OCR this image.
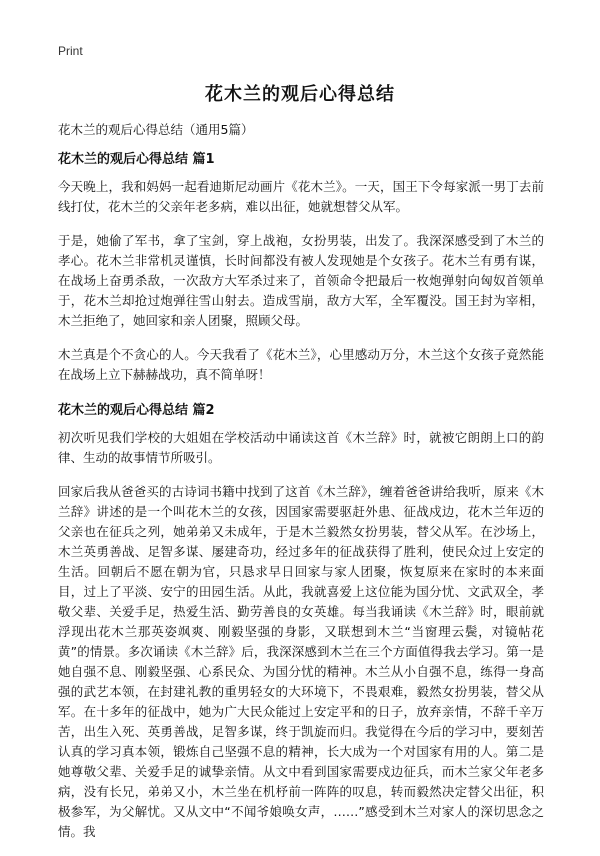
Print
花木兰的观后心得总结

花木兰的观后心得总结（通用5篇）

花木兰的观后心得总结 篇1

今天晚上，我和妈妈一起看迪斯尼动画片《花木兰》。一天，国王下令每家派一男丁去前线打仗，花木兰的父亲年老多病，难以出征，她就想替父从军。

于是，她偷了军书，拿了宝剑，穿上战袍，女扮男装，出发了。我深深感受到了木兰的孝心。花木兰非常机灵谨慎，长时间都没有被人发现她是个女孩子。花木兰有勇有谋，在战场上奋勇杀敌，一次敌方大军杀过来了，首领命令把最后一枚炮弹射向匈奴首领单于，花木兰却抢过炮弹往雪山射去。造成雪崩，敌方大军，全军覆没。国王封为宰相，木兰拒绝了，她回家和亲人团聚，照顾父母。

木兰真是个不贪心的人。今天我看了《花木兰》，心里感动万分，木兰这个女孩子竟然能在战场上立下赫赫战功，真不简单呀！

花木兰的观后心得总结 篇2

初次听见我们学校的大姐姐在学校活动中诵读这首《木兰辞》时，就被它朗朗上口的韵律、生动的故事情节所吸引。

回家后我从爸爸买的古诗词书籍中找到了这首《木兰辞》，缠着爸爸讲给我听，原来《木兰辞》讲述的是一个叫花木兰的女孩，因国家需要驱赶外患、征战戍边，花木兰年迈的父亲也在征兵之列，她弟弟又未成年，于是木兰毅然女扮男装，替父从军。在沙场上，木兰英勇善战、足智多谋、屡建奇功，经过多年的征战获得了胜利，使民众过上安定的生活。回朝后不愿在朝为官，只恳求早日回家与家人团聚，恢复原来在家时的本来面目，过上了平淡、安宁的田园生活。从此，我就喜爱上这位能为国分忧、文武双全，孝敬父辈、关爱手足，热爱生活、勤劳善良的女英雄。每当我诵读《木兰辞》时，眼前就浮现出花木兰那英姿飒爽、刚毅坚强的身影，又联想到木兰“当窗理云鬓，对镜帖花黄”的情景。多次诵读《木兰辞》后，我深深感到木兰在三个方面值得我去学习。第一是她自强不息、刚毅坚强、心系民众、为国分忧的精神。木兰从小自强不息，练得一身高强的武艺本领，在封建礼教的重男轻女的大环境下，不畏艰难，毅然女扮男装，替父从军。在十多年的征战中，她为广大民众能过上安定平和的日子，放弃亲情，不辞千辛万苦，出生入死、英勇善战，足智多谋，终于凯旋而归。我觉得在今后的学习中，要刻苦认真的学习真本领，锻炼自己坚强不息的精神，长大成为一个对国家有用的人。第二是她尊敬父辈、关爱手足的诚挚亲情。从文中看到国家需要戍边征兵，而木兰家父年老多病，没有长兄，弟弟又小，木兰坐在机杼前一阵阵的叹息，转而毅然决定替父出征，积极参军，为父解忧。又从文中“不闻爷娘唤女声，……”感受到木兰对家人的深切思念之情。我
